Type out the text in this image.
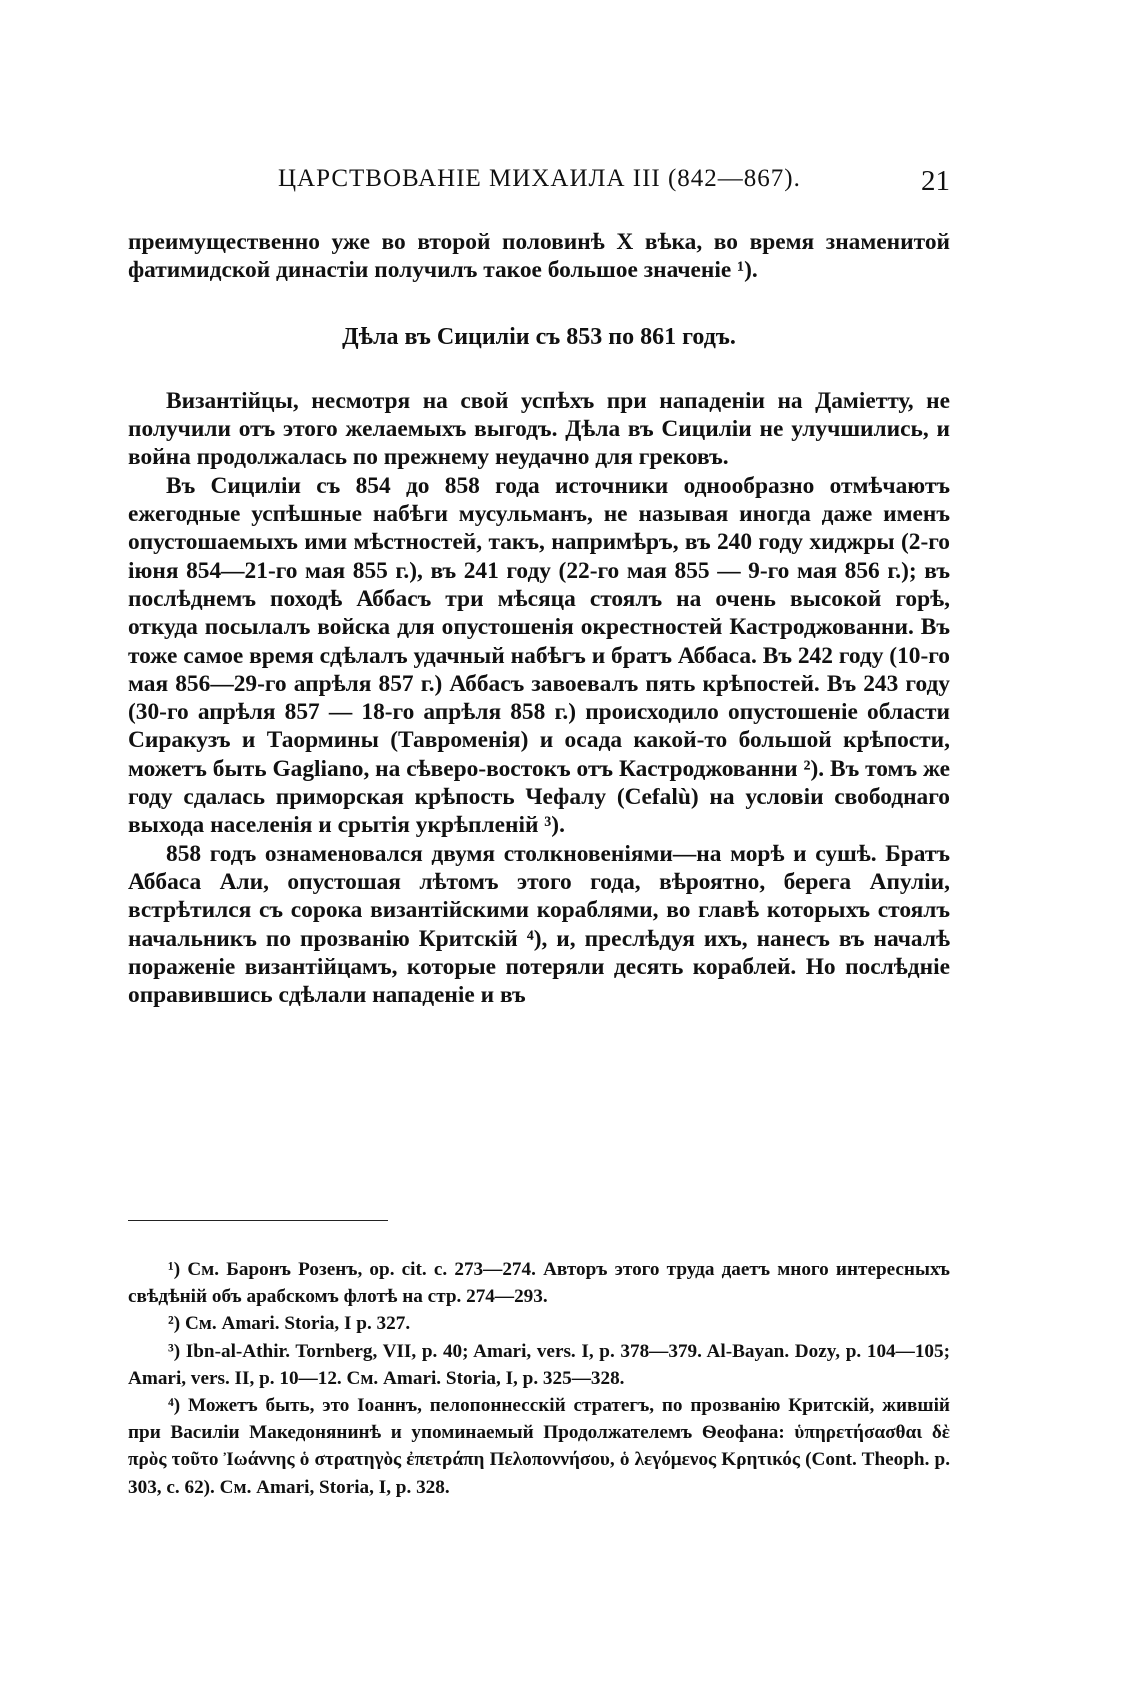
ЦАРСТВОВАНІЕ МИХАИЛА III (842—867).	21

преимущественно уже во второй половинѣ X вѣка, во время знаменитой фатимидской династіи получилъ такое большое значеніе ¹).

Дѣла въ Сициліи съ 853 по 861 годъ.

Византійцы, несмотря на свой успѣхъ при нападеніи на Даміетту, не получили отъ этого желаемыхъ выгодъ. Дѣла въ Сициліи не улучшились, и война продолжалась по прежнему неудачно для грековъ.

Въ Сициліи съ 854 до 858 года источники однообразно отмѣчаютъ ежегодные успѣшные набѣги мусульманъ, не называя иногда даже именъ опустошаемыхъ ими мѣстностей, такъ, напримѣръ, въ 240 году хиджры (2-го іюня 854—21-го мая 855 г.), въ 241 году (22-го мая 855 — 9-го мая 856 г.); въ послѣднемъ походѣ Аббасъ три мѣсяца стоялъ на очень высокой горѣ, откуда посылалъ войска для опустошенія окрестностей Кастроджованни. Въ тоже самое время сдѣлалъ удачный набѣгъ и братъ Аббаса. Въ 242 году (10-го мая 856—29-го апрѣля 857 г.) Аббасъ завоевалъ пять крѣпостей. Въ 243 году (30-го апрѣля 857 — 18-го апрѣля 858 г.) происходило опустошеніе области Сиракузъ и Таормины (Тавроменія) и осада какой-то большой крѣпости, можетъ быть Gagliano, на сѣверо-востокъ отъ Кастроджованни ²). Въ томъ же году сдалась приморская крѣпость Чефалу (Cefalù) на условіи свободнаго выхода населенія и срытія укрѣпленій ³).

858 годъ ознаменовался двумя столкновеніями—на морѣ и сушѣ. Братъ Аббаса Али, опустошая лѣтомъ этого года, вѣроятно, берега Апуліи, встрѣтился съ сорока византійскими кораблями, во главѣ которыхъ стоялъ начальникъ по прозванію Критскій ⁴), и, преслѣдуя ихъ, нанесъ въ началѣ пораженіе византійцамъ, которые потеряли десять кораблей. Но послѣдніе оправившись сдѣлали нападеніе и въ

¹) См. Баронъ Розенъ, op. cit. с. 273—274. Авторъ этого труда даетъ много интересныхъ свѣдѣній объ арабскомъ флотѣ на стр. 274—293.

²) См. Amari. Storia, I p. 327.

³) Ibn-al-Athir. Tornberg, VII, p. 40; Amari, vers. I, p. 378—379. Al-Bayan. Dozy, p. 104—105; Amari, vers. II, p. 10—12. См. Amari. Storia, I, p. 325—328.

⁴) Можетъ быть, это Іоаннъ, пелопоннесскій стратегъ, по прозванію Критскій, жившій при Василіи Македонянинѣ и упоминаемый Продолжателемъ Ѳеофана: ὑπηρετήσασθαι δὲ πρὸς τοῦτο Ἰωάννης ὁ στρατηγὸς ἐπετράπη Πελοποννήσου, ὁ λεγόμενος Κρητικός (Cont. Theoph. p. 303, c. 62). См. Amari, Storia, I, p. 328.
